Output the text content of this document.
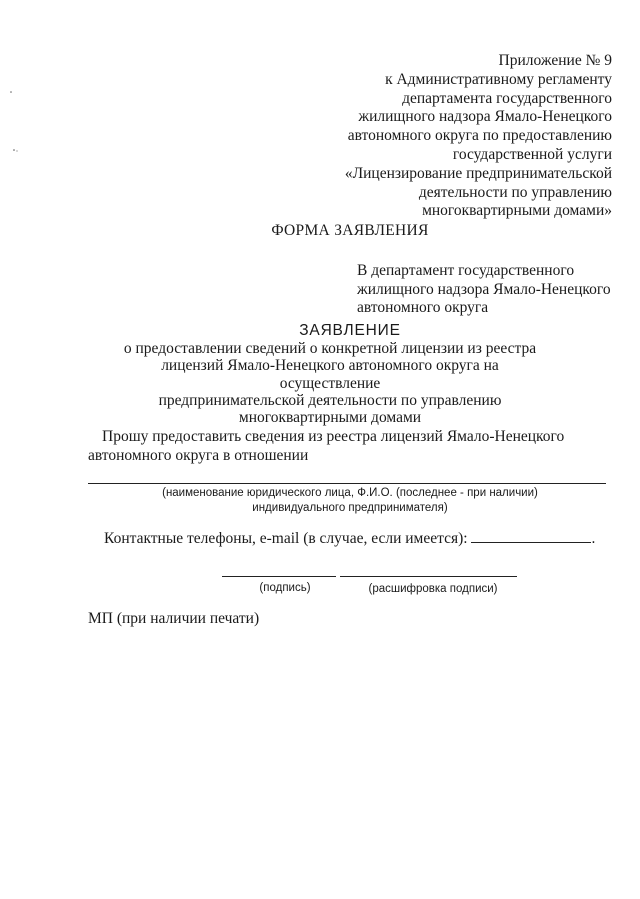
Приложение № 9
к Административному регламенту
департамента государственного
жилищного надзора Ямало-Ненецкого
автономного округа по предоставлению
государственной услуги
«Лицензирование предпринимательской
деятельности по управлению
многоквартирными домами»
ФОРМА ЗАЯВЛЕНИЯ
В департамент государственного
жилищного надзора Ямало-Ненецкого
автономного округа
ЗАЯВЛЕНИЕ
о предоставлении сведений о конкретной лицензии из реестра
лицензий Ямало-Ненецкого автономного округа на осуществление
предпринимательской деятельности по управлению
многоквартирными домами
Прошу предоставить сведения из реестра лицензий Ямало-Ненецкого
автономного округа в отношении
(наименование юридического лица, Ф.И.О. (последнее - при наличии)
индивидуального предпринимателя)
Контактные телефоны, e-mail (в случае, если имеется):	.
(подпись)	(расшифровка подписи)
МП (при наличии печати)
